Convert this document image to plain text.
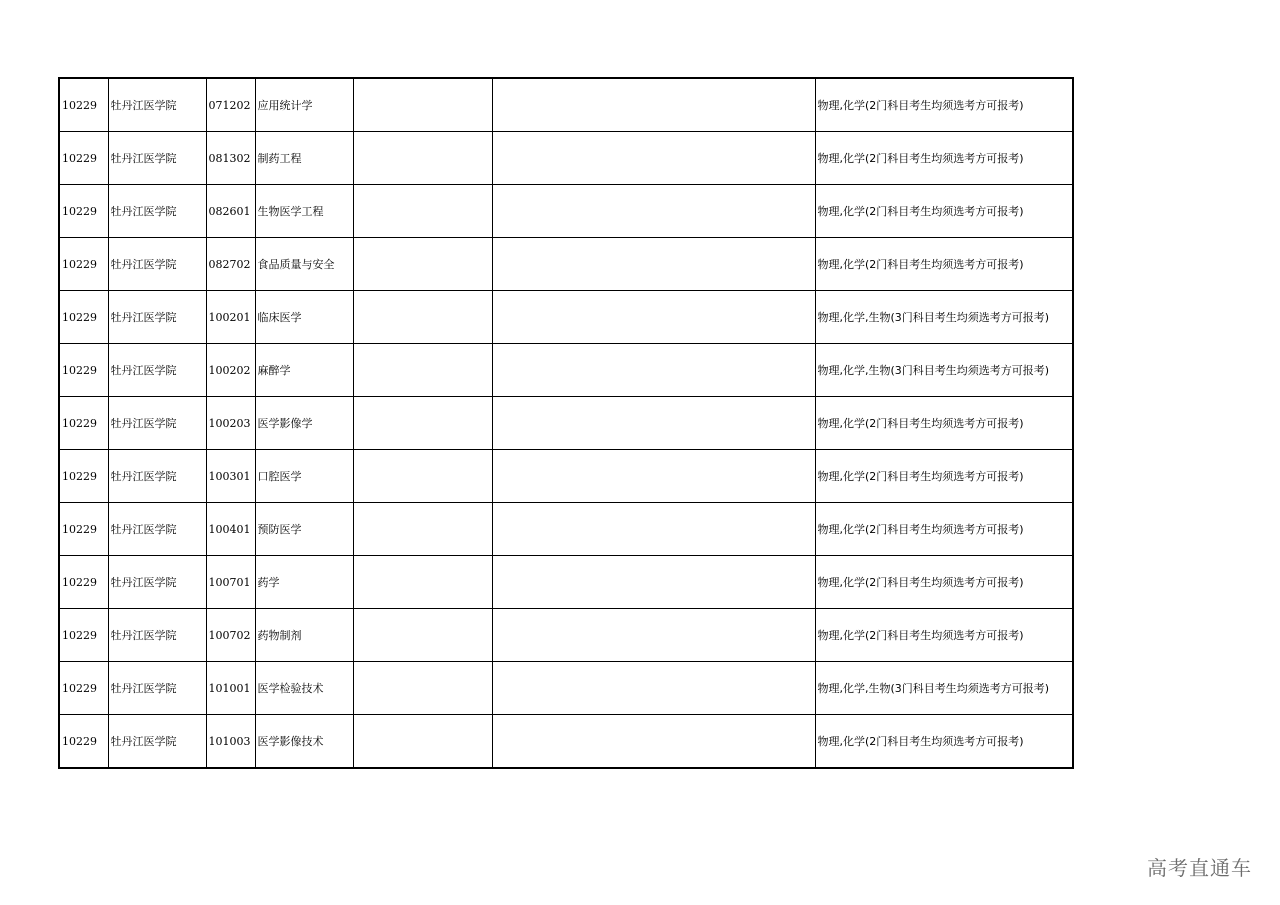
10229	牡丹江医学院	071202	应用统计学			物理,化学(2门科目考生均须选考方可报考)
10229	牡丹江医学院	081302	制药工程			物理,化学(2门科目考生均须选考方可报考)
10229	牡丹江医学院	082601	生物医学工程			物理,化学(2门科目考生均须选考方可报考)
10229	牡丹江医学院	082702	食品质量与安全			物理,化学(2门科目考生均须选考方可报考)
10229	牡丹江医学院	100201	临床医学			物理,化学,生物(3门科目考生均须选考方可报考)
10229	牡丹江医学院	100202	麻醉学			物理,化学,生物(3门科目考生均须选考方可报考)
10229	牡丹江医学院	100203	医学影像学			物理,化学(2门科目考生均须选考方可报考)
10229	牡丹江医学院	100301	口腔医学			物理,化学(2门科目考生均须选考方可报考)
10229	牡丹江医学院	100401	预防医学			物理,化学(2门科目考生均须选考方可报考)
10229	牡丹江医学院	100701	药学			物理,化学(2门科目考生均须选考方可报考)
10229	牡丹江医学院	100702	药物制剂			物理,化学(2门科目考生均须选考方可报考)
10229	牡丹江医学院	101001	医学检验技术			物理,化学,生物(3门科目考生均须选考方可报考)
10229	牡丹江医学院	101003	医学影像技术			物理,化学(2门科目考生均须选考方可报考)
高考直通车
